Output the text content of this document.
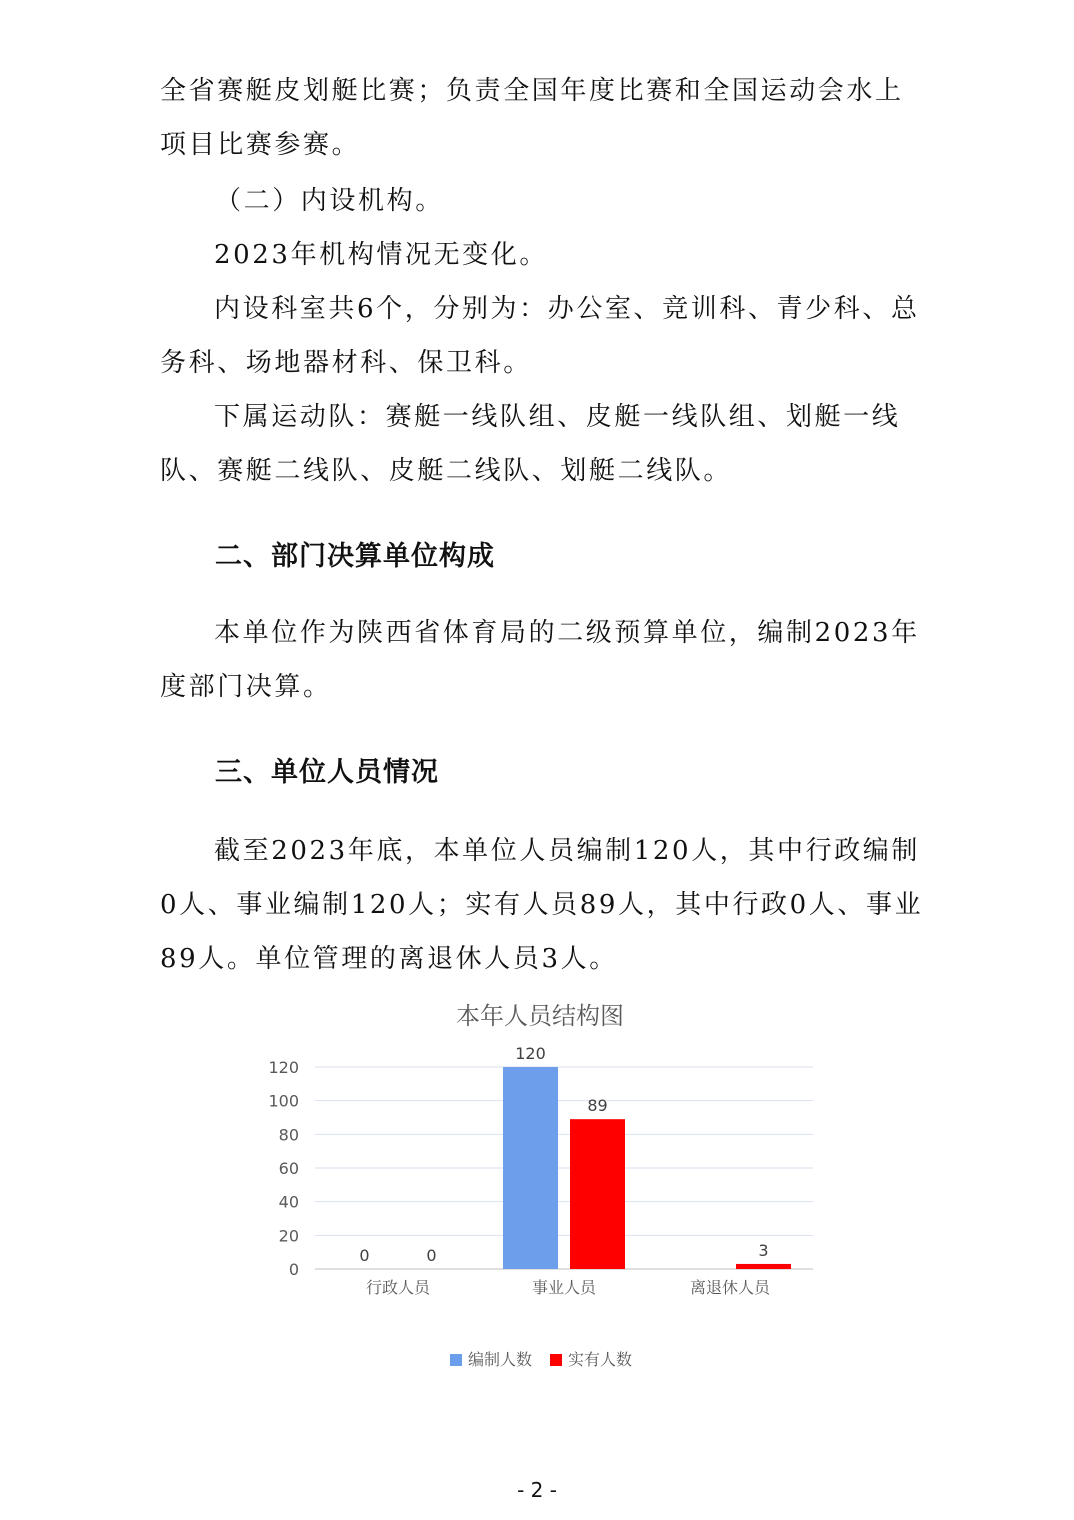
全省赛艇皮划艇比赛；负责全国年度比赛和全国运动会水上项目比赛参赛。

（二）内设机构。

2023年机构情况无变化。

内设科室共6个，分别为：办公室、竞训科、青少科、总务科、场地器材科、保卫科。

下属运动队：赛艇一线队组、皮艇一线队组、划艇一线队、赛艇二线队、皮艇二线队、划艇二线队。

二、部门决算单位构成

本单位作为陕西省体育局的二级预算单位，编制2023年度部门决算。

三、单位人员情况

截至2023年底，本单位人员编制120人，其中行政编制0人、事业编制120人；实有人员89人，其中行政0人、事业89人。单位管理的离退休人员3人。

本年人员结构图
0
20
40
60
80
100
120
行政人员
0	0
事业人员
120
89
离退休人员
3
编制人数 实有人数
- 2 -
